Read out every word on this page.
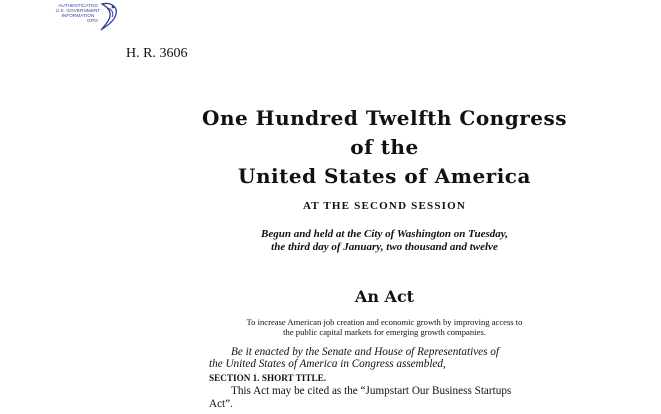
AUTHENTICATED
U.S. GOVERNMENT
INFORMATION
GPO
H. R. 3606
One Hundred Twelfth Congress
of the
United States of America
AT THE SECOND SESSION
Begun and held at the City of Washington on Tuesday,
the third day of January, two thousand and twelve
An Act
To increase American job creation and economic growth by improving access to
the public capital markets for emerging growth companies.
Be it enacted by the Senate and House of Representatives of
the United States of America in Congress assembled,
SECTION 1. SHORT TITLE.
This Act may be cited as the “Jumpstart Our Business Startups
Act”.
